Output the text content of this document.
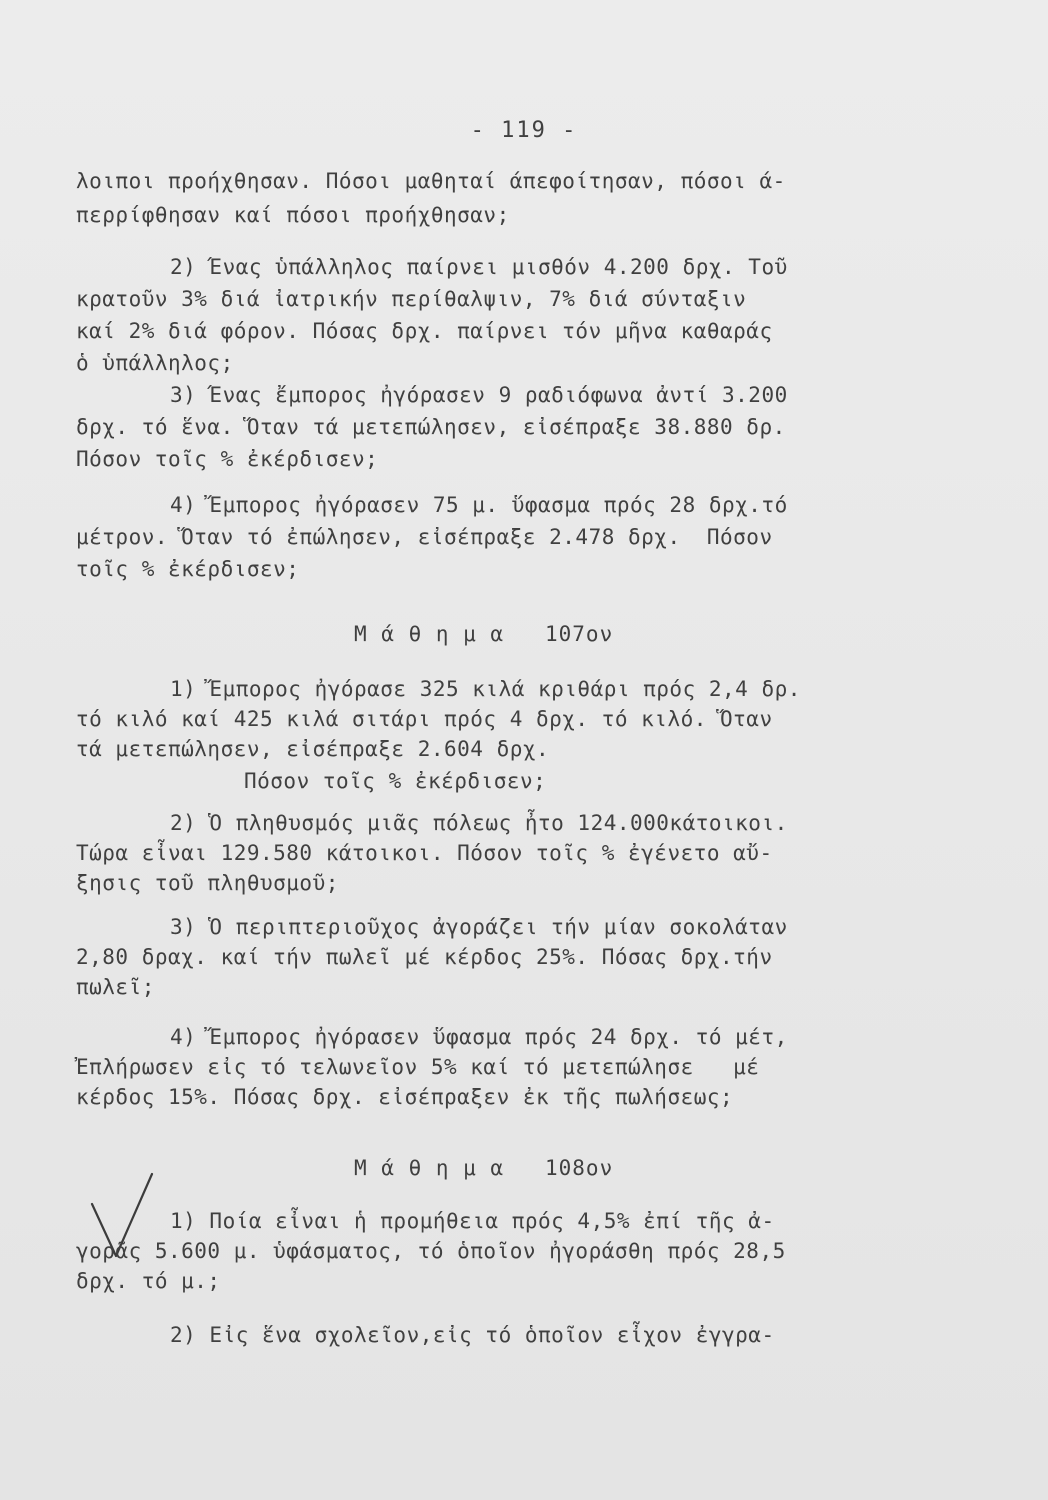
- 119 -
λοιποι προήχθησαν. Πόσοι μαθηταί άπεφοίτησαν, πόσοι ά-
περρίφθησαν καί πόσοι προήχθησαν;
2) Ένας ὑπάλληλος παίρνει μισθόν 4.200 δρχ. Τοῦ
κρατοῦν 3% διά ἰατρικήν περίθαλψιν, 7% διά σύνταξιν
καί 2% διά φόρον. Πόσας δρχ. παίρνει τόν μῆνα καθαράς
ὁ ὑπάλληλος;
3) Ένας ἔμπορος ἠγόρασεν 9 ραδιόφωνα ἀντί 3.200
δρχ. τό ἕνα. Ὅταν τά μετεπώλησεν, εἰσέπραξε 38.880 δρ.
Πόσον τοῖς % ἐκέρδισεν;
4) Ἔμπορος ἠγόρασεν 75 μ. ὕφασμα πρός 28 δρχ.τό
μέτρον. Ὅταν τό ἐπώλησεν, εἰσέπραξε 2.478 δρχ.  Πόσον
τοῖς % ἐκέρδισεν;
Μ ά θ η μ α   107ον
1) Ἔμπορος ἠγόρασε 325 κιλά κριθάρι πρός 2,4 δρ.
τό κιλό καί 425 κιλά σιτάρι πρός 4 δρχ. τό κιλό. Ὅταν
τά μετεπώλησεν, εἰσέπραξε 2.604 δρχ.
Πόσον τοῖς % ἐκέρδισεν;
2) Ὁ πληθυσμός μιᾶς πόλεως ἦτο 124.000κάτοικοι.
Τώρα εἶναι 129.580 κάτοικοι. Πόσον τοῖς % ἐγένετο αὔ-
ξησις τοῦ πληθυσμοῦ;
3) Ὁ περιπτεριοῦχος ἀγοράζει τήν μίαν σοκολάταν
2,80 δραχ. καί τήν πωλεῖ μέ κέρδος 25%. Πόσας δρχ.τήν
πωλεῖ;
4) Ἔμπορος ἠγόρασεν ὕφασμα πρός 24 δρχ. τό μέτ,
Ἐπλήρωσεν εἰς τό τελωνεῖον 5% καί τό μετεπώλησε   μέ
κέρδος 15%. Πόσας δρχ. εἰσέπραξεν ἐκ τῆς πωλήσεως;
Μ ά θ η μ α   108ον
1) Ποία εἶναι ἡ προμήθεια πρός 4,5% ἐπί τῆς ἀ-
γορᾶς 5.600 μ. ὑφάσματος, τό ὁποῖον ἠγοράσθη πρός 28,5
δρχ. τό μ.;
2) Εἰς ἕνα σχολεῖον,εἰς τό ὁποῖον εἶχον ἐγγρα-
